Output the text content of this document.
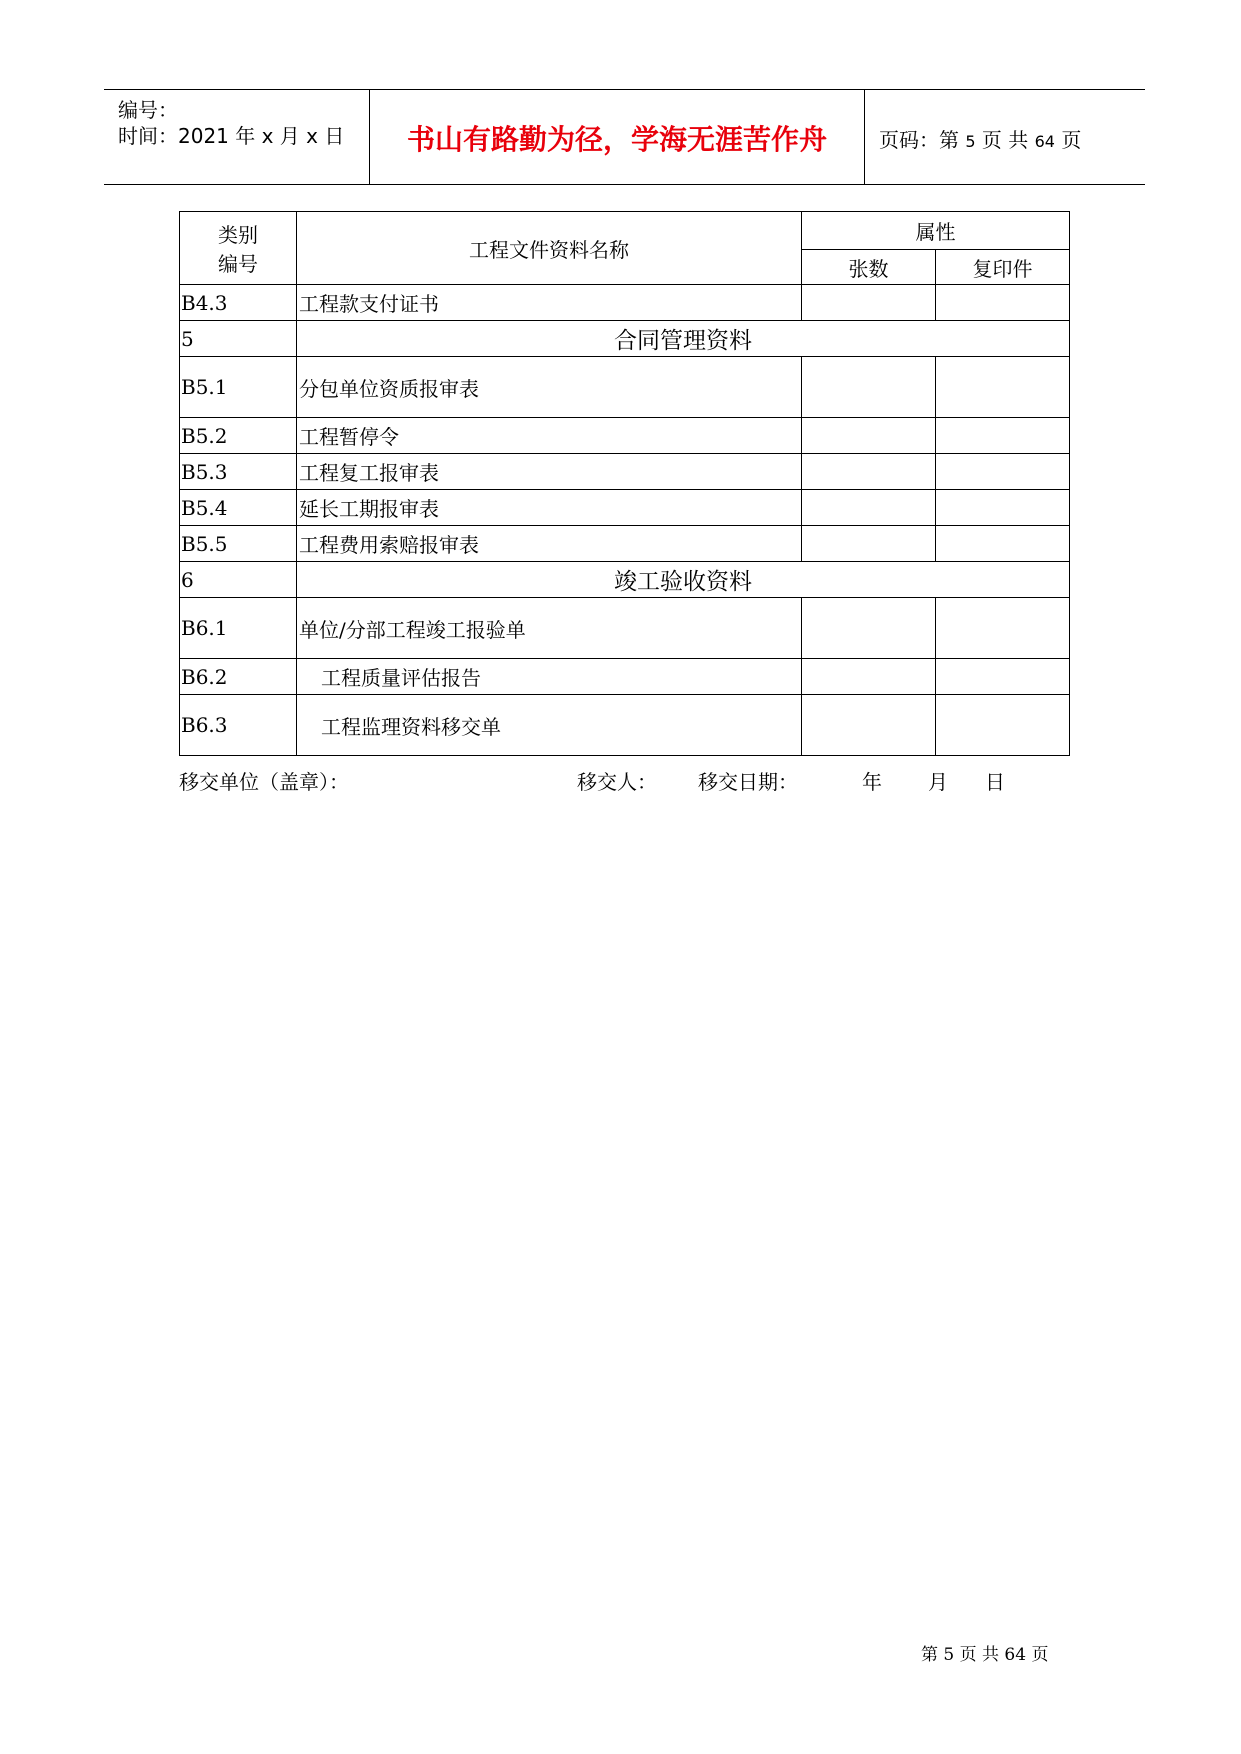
编号：
时间：2021 年 x 月 x 日	书山有路勤为径，学海无涯苦作舟	页码：第 5 页 共 64 页
类别
编号	工程文件资料名称	属性	
		张数	复印件
B4.3	工程款支付证书		
5	合同管理资料		
B5.1	分包单位资质报审表		
B5.2	工程暂停令		
B5.3	工程复工报审表		
B5.4	延长工期报审表		
B5.5	工程费用索赔报审表		
6	竣工验收资料		
B6.1	单位/分部工程竣工报验单		
B6.2	工程质量评估报告		
B6.3	工程监理资料移交单		
移交单位（盖章）：	移交人： 移交日期：	年 月 日
第 5 页 共 64 页
